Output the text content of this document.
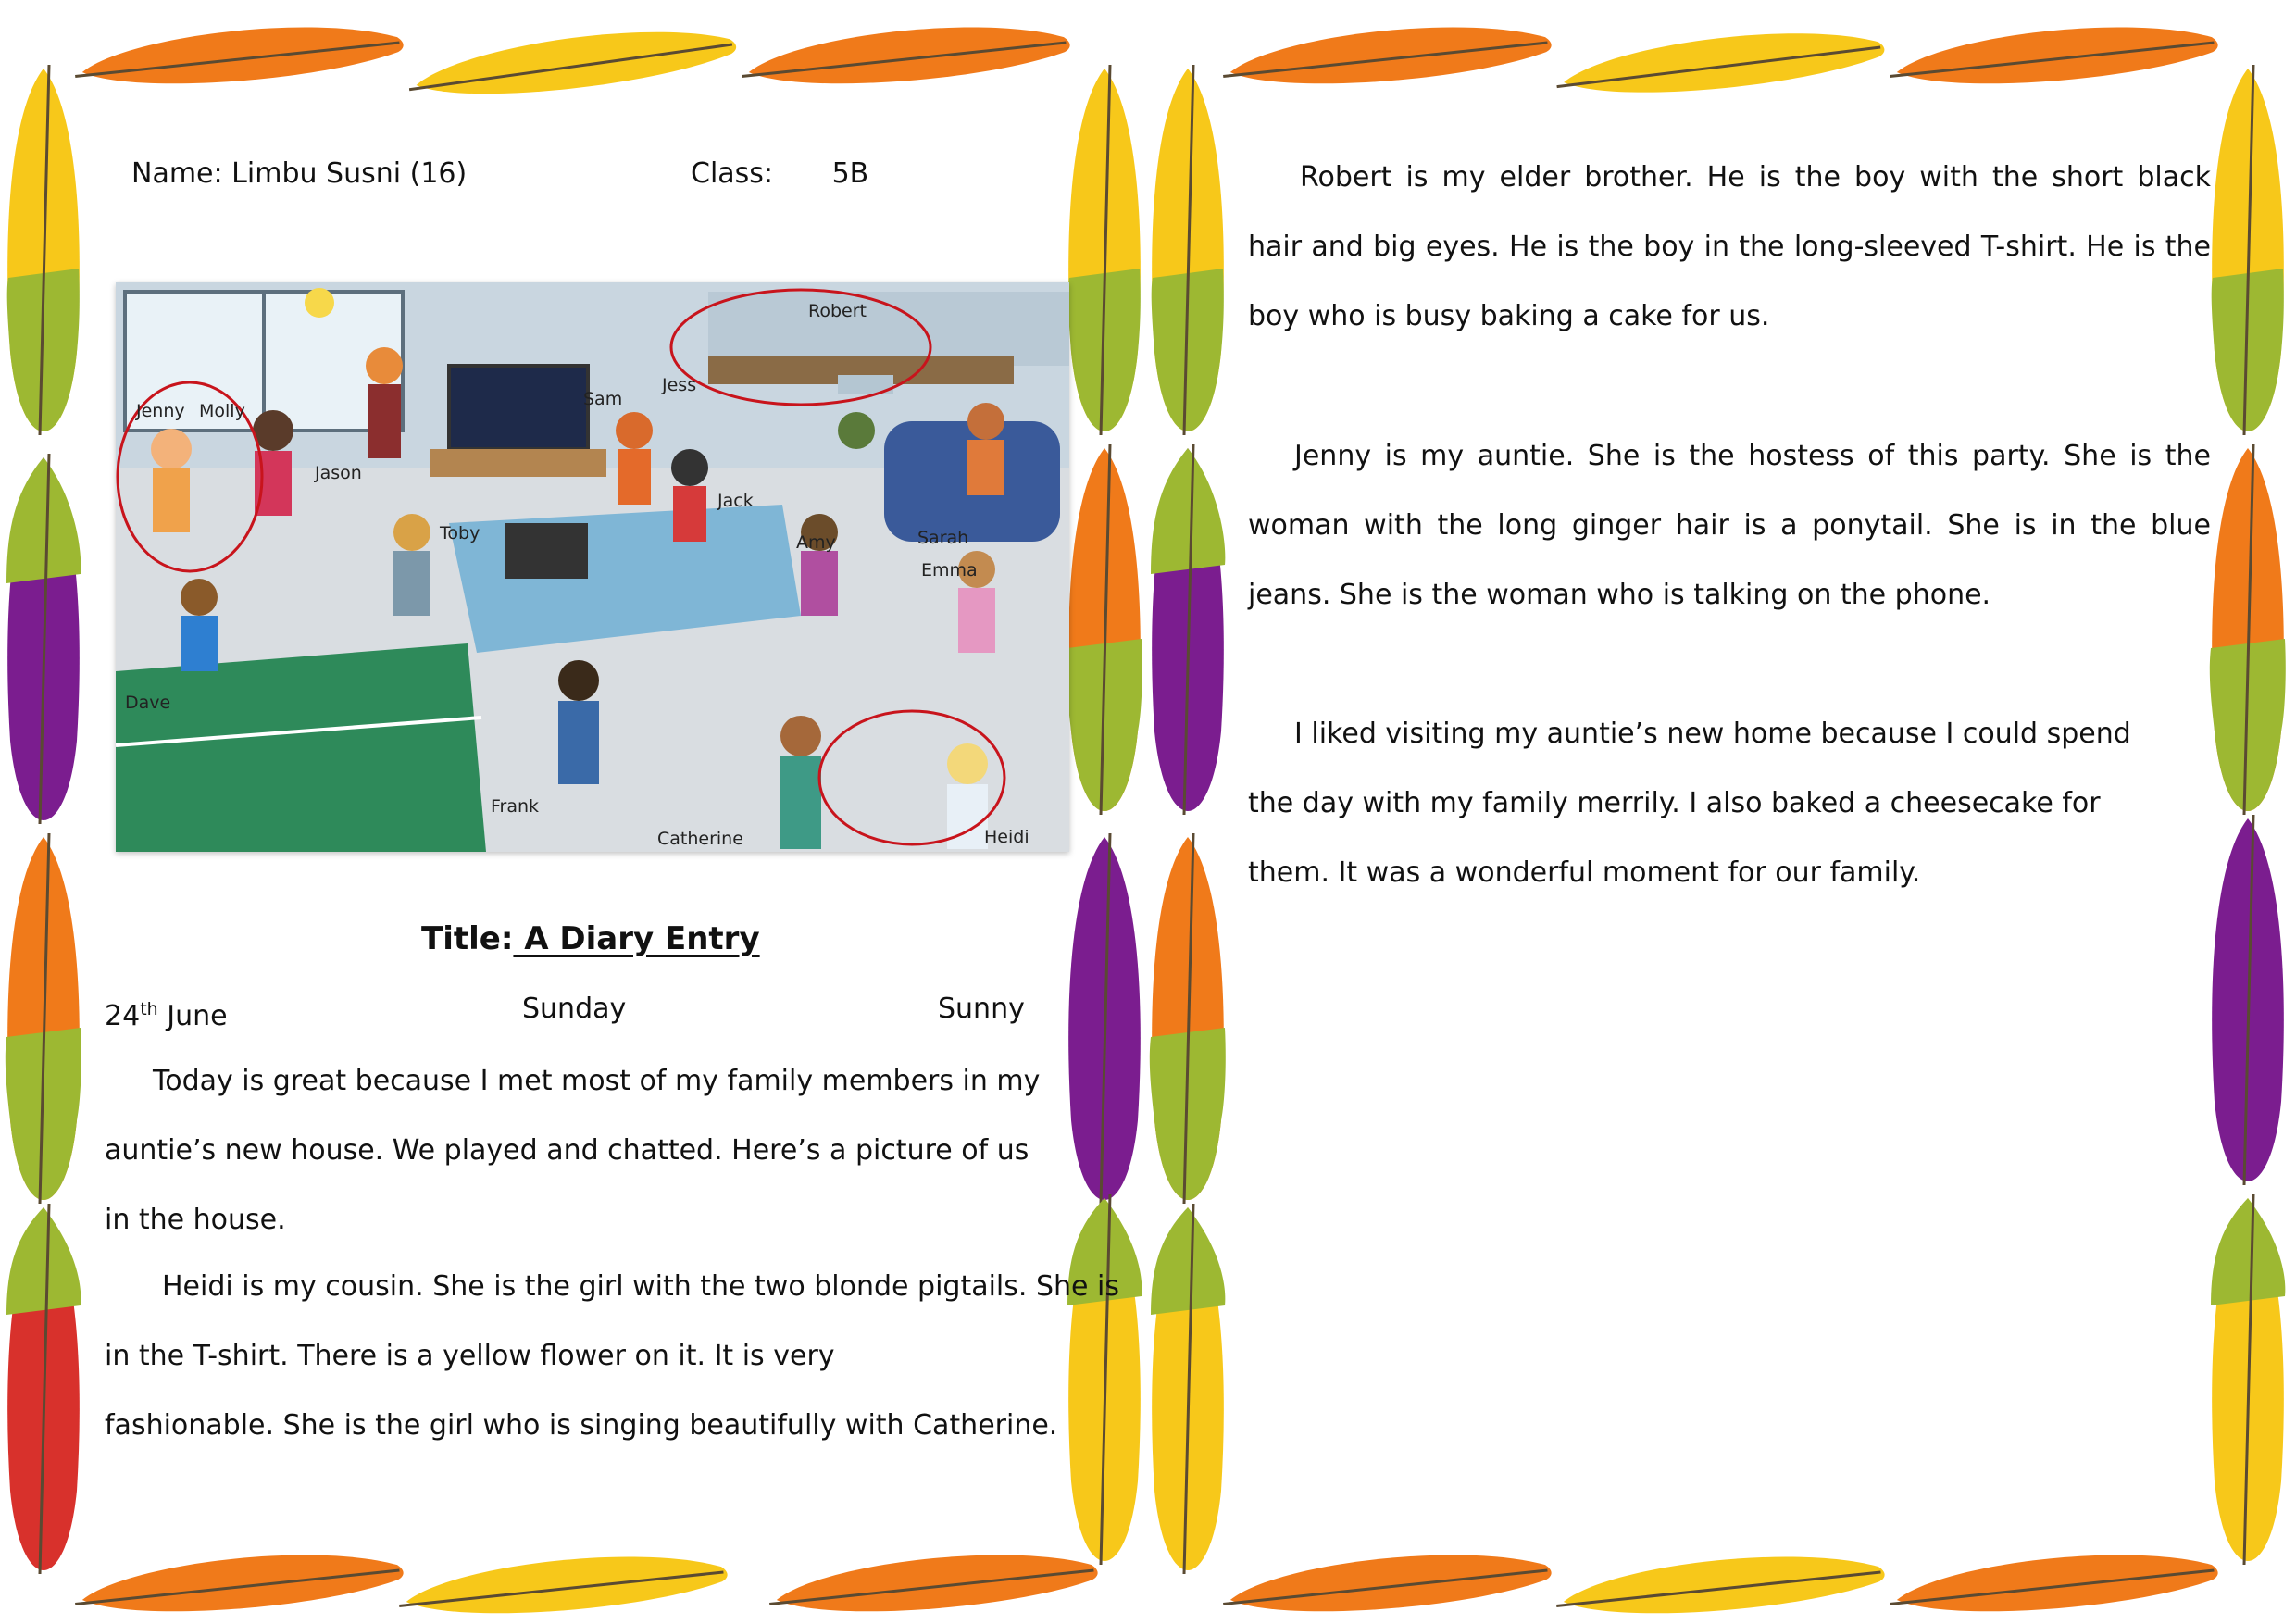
Name: Limbu Susni (16)	Class: 5B
Jenny Molly
Jason
Sam
Jess
Robert
Toby
Jack
Amy	Sarah
Emma
Dave
Frank
Catherine	Heidi
Title: A Diary Entry
24th June	Sunday	Sunny

Today is great because I met most of my family members in my auntie’s new house. We played and chatted. Here’s a picture of us in the house.

Heidi is my cousin. She is the girl with the two blonde pigtails. She is

in the T-shirt. There is a yellow flower on it. It is very

fashionable. She is the girl who is singing beautifully with Catherine.

Robert is my elder brother. He is the boy with the short black hair and big eyes. He is the boy in the long-sleeved T-shirt. He is the boy who is busy baking a cake for us.

Jenny is my auntie. She is the hostess of this party. She is the woman with the long ginger hair is a ponytail. She is in the blue jeans. She is the woman who is talking on the phone.

I liked visiting my auntie’s new home because I could spend the day with my family merrily. I also baked a cheesecake for them. It was a wonderful moment for our family.
